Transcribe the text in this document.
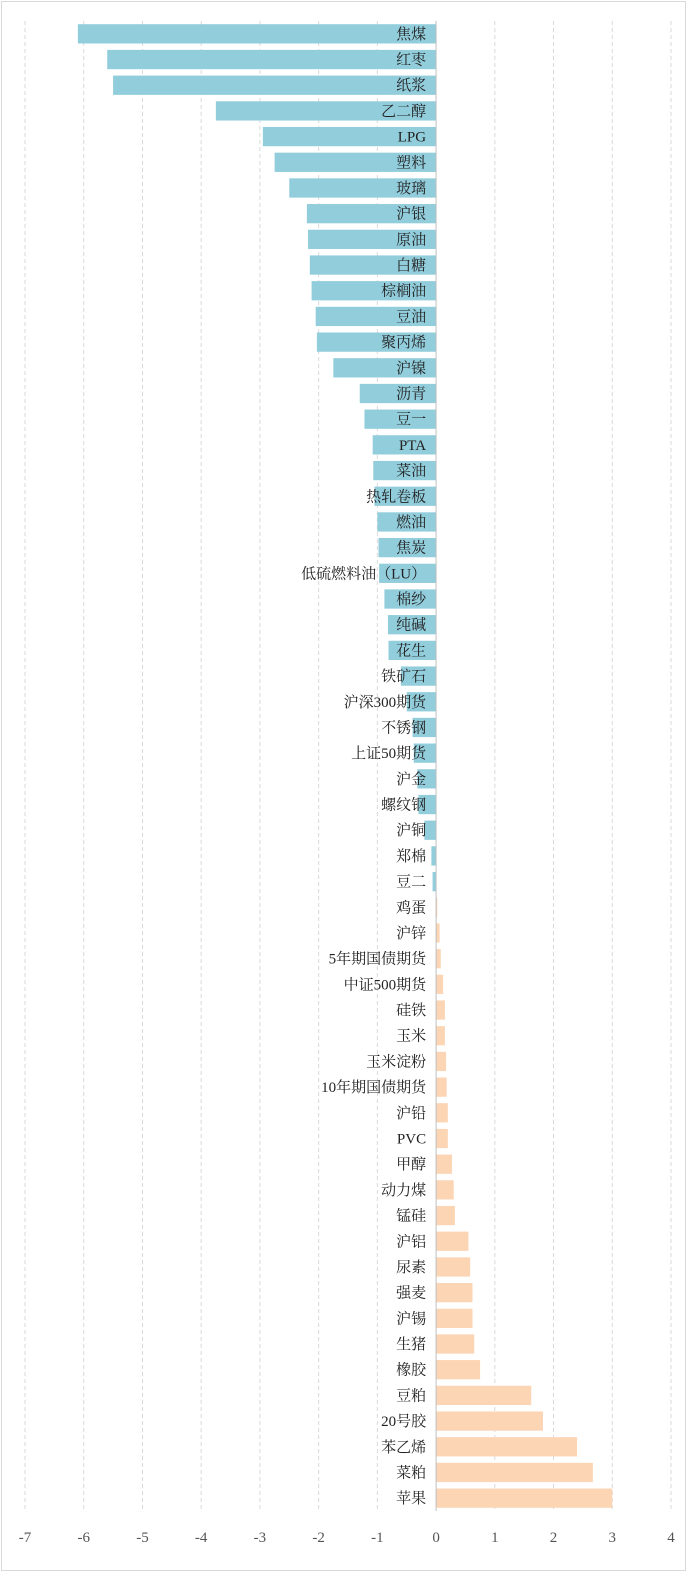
焦煤
红枣
纸浆
乙二醇
LPG
塑料
玻璃
沪银
原油
白糖
棕榈油
豆油
聚丙烯
沪镍
沥青
豆一
PTA
菜油
热轧卷板
燃油
焦炭
低硫燃料油（LU）
棉纱
纯碱
花生
铁矿石
沪深300期货
不锈钢
上证50期货
沪金
螺纹钢
沪铜
郑棉
豆二
鸡蛋
沪锌
5年期国债期货
中证500期货
硅铁
玉米
玉米淀粉
10年期国债期货
沪铅
PVC
甲醇
动力煤
锰硅
沪铝
尿素
强麦
沪锡
生猪
橡胶
豆粕
20号胶
苯乙烯
菜粕
苹果
-7	-6	-5	-4	-3	-2	-1	0	1	2	3	4
